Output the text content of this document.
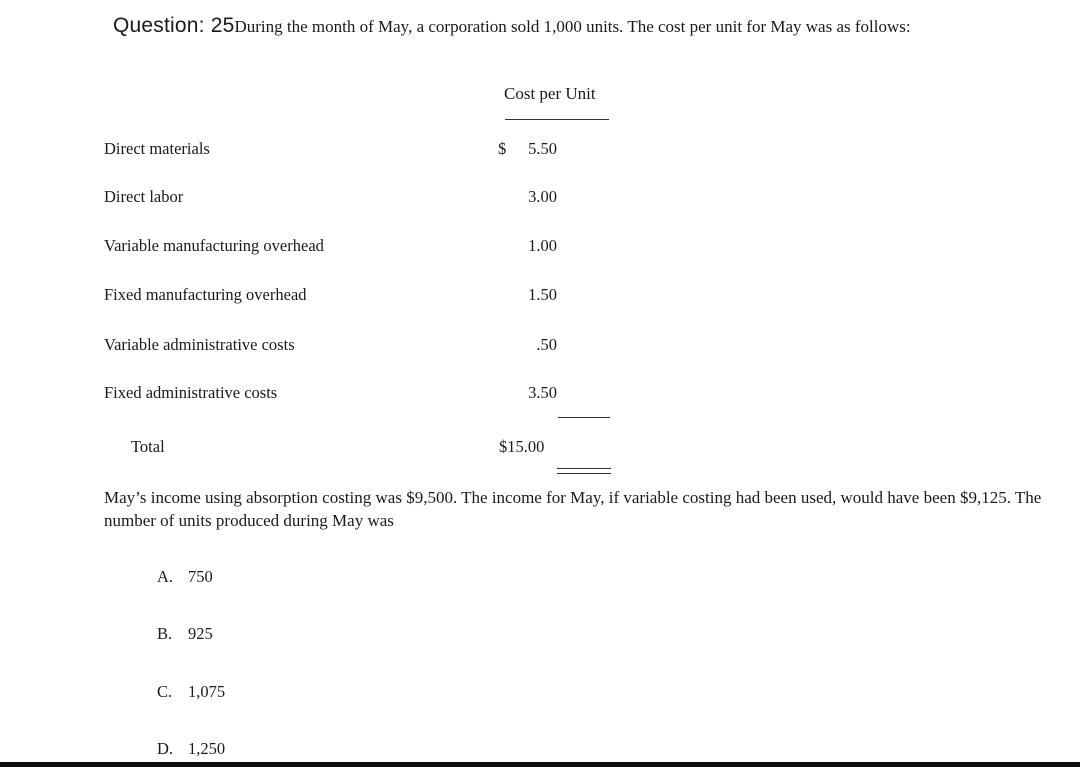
Question: 25During the month of May, a corporation sold 1,000 units. The cost per unit for May was as follows:
Cost per Unit
Direct materials	$ 5.50
Direct labor	3.00
Variable manufacturing overhead	1.00
Fixed manufacturing overhead	1.50
Variable administrative costs	.50
Fixed administrative costs	3.50
Total	$15.00
May’s income using absorption costing was $9,500. The income for May, if variable costing had been used, would have been $9,125. The number of units produced during May was
A. 750
B. 925
C. 1,075
D. 1,250
